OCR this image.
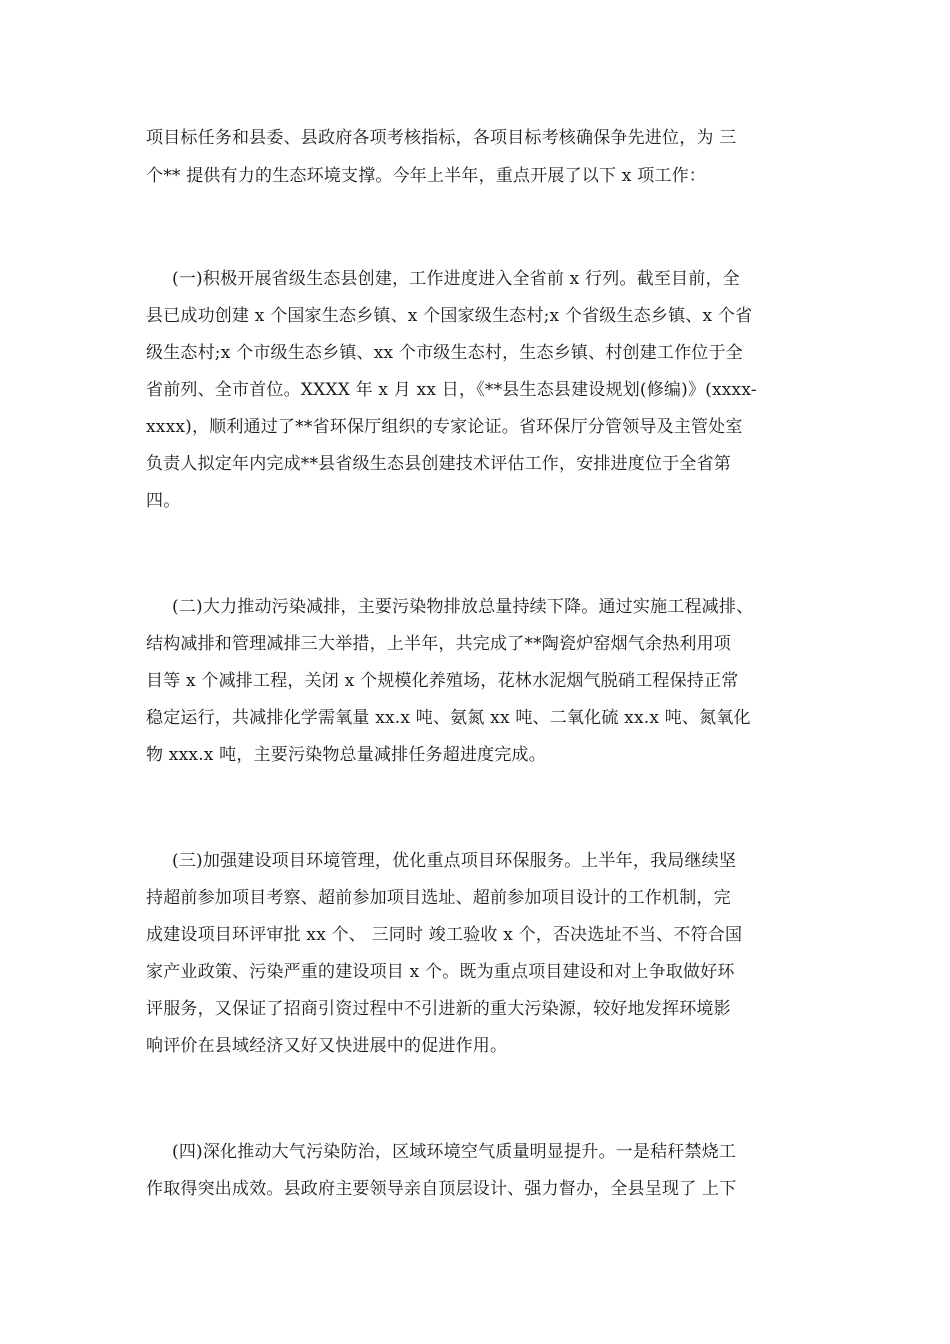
项目标任务和县委、县政府各项考核指标，各项目标考核确保争先进位，为 三
个** 提供有力的生态环境支撑。今年上半年，重点开展了以下 x 项工作：
(一)积极开展省级生态县创建，工作进度进入全省前 x 行列。截至目前，全
县已成功创建 x 个国家生态乡镇、x 个国家级生态村;x 个省级生态乡镇、x 个省
级生态村;x 个市级生态乡镇、xx 个市级生态村，生态乡镇、村创建工作位于全
省前列、全市首位。XXXX 年 x 月 xx 日，《**县生态县建设规划(修编)》(xxxx-
xxxx)，顺利通过了**省环保厅组织的专家论证。省环保厅分管领导及主管处室
负责人拟定年内完成**县省级生态县创建技术评估工作，安排进度位于全省第
四。
(二)大力推动污染减排，主要污染物排放总量持续下降。通过实施工程减排、
结构减排和管理减排三大举措，上半年，共完成了**陶瓷炉窑烟气余热利用项
目等 x 个减排工程，关闭 x 个规模化养殖场，花林水泥烟气脱硝工程保持正常
稳定运行，共减排化学需氧量 xx.x 吨、氨氮 xx 吨、二氧化硫 xx.x 吨、氮氧化
物 xxx.x 吨，主要污染物总量减排任务超进度完成。
(三)加强建设项目环境管理，优化重点项目环保服务。上半年，我局继续坚
持超前参加项目考察、超前参加项目选址、超前参加项目设计的工作机制，完
成建设项目环评审批 xx 个、 三同时 竣工验收 x 个，否决选址不当、不符合国
家产业政策、污染严重的建设项目 x 个。既为重点项目建设和对上争取做好环
评服务，又保证了招商引资过程中不引进新的重大污染源，较好地发挥环境影
响评价在县域经济又好又快进展中的促进作用。
(四)深化推动大气污染防治，区域环境空气质量明显提升。一是秸秆禁烧工
作取得突出成效。县政府主要领导亲自顶层设计、强力督办，全县呈现了 上下
